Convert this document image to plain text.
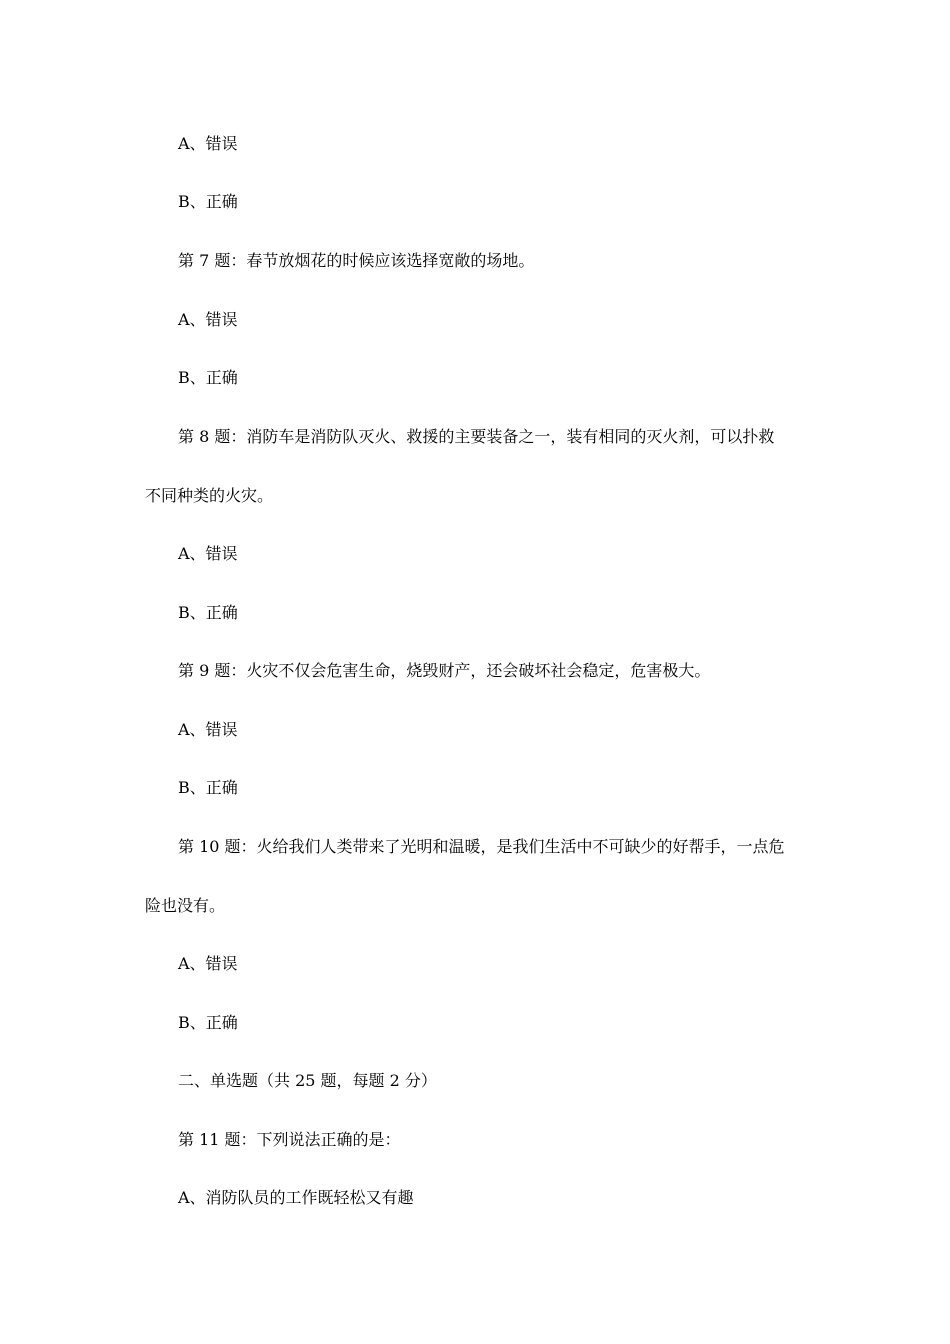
A、错误
B、正确
第 7 题：春节放烟花的时候应该选择宽敞的场地。
A、错误
B、正确
第 8 题：消防车是消防队灭火、救援的主要装备之一，装有相同的灭火剂，可以扑救
不同种类的火灾。
A、错误
B、正确
第 9 题：火灾不仅会危害生命，烧毁财产，还会破坏社会稳定，危害极大。
A、错误
B、正确
第 10 题：火给我们人类带来了光明和温暖，是我们生活中不可缺少的好帮手，一点危
险也没有。
A、错误
B、正确
二、单选题（共 25 题，每题 2 分）
第 11 题：下列说法正确的是：
A、消防队员的工作既轻松又有趣
